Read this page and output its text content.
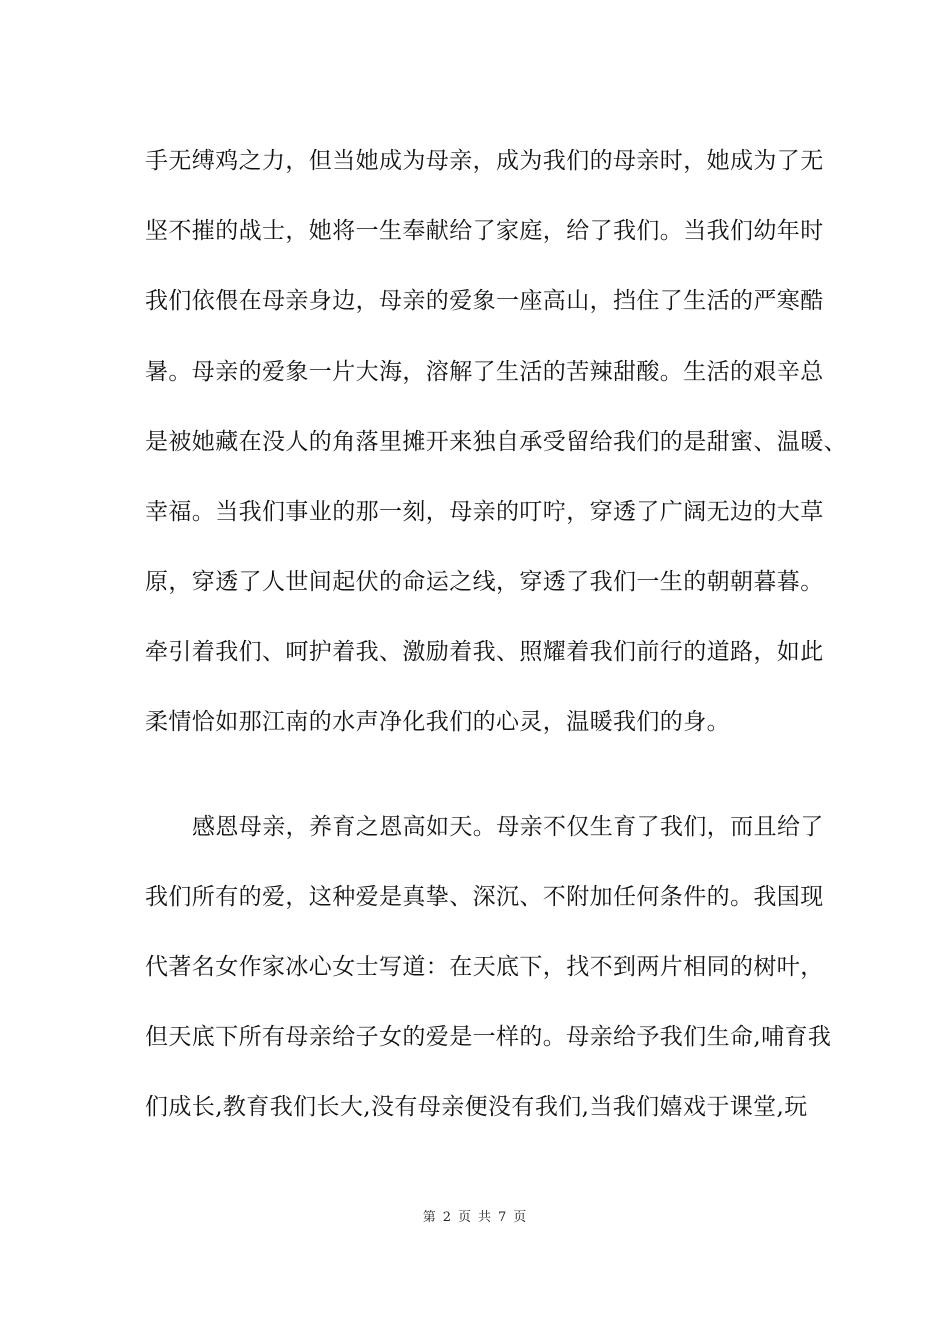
手无缚鸡之力，但当她成为母亲，成为我们的母亲时，她成为了无
坚不摧的战士，她将一生奉献给了家庭，给了我们。当我们幼年时
我们依偎在母亲身边，母亲的爱象一座高山，挡住了生活的严寒酷
暑。母亲的爱象一片大海，溶解了生活的苦辣甜酸。生活的艰辛总
是被她藏在没人的角落里摊开来独自承受留给我们的是甜蜜、温暖、
幸福。当我们事业的那一刻，母亲的叮咛，穿透了广阔无边的大草
原，穿透了人世间起伏的命运之线，穿透了我们一生的朝朝暮暮。
牵引着我们、呵护着我、激励着我、照耀着我们前行的道路，如此
柔情恰如那江南的水声净化我们的心灵，温暖我们的身。
感恩母亲，养育之恩高如天。母亲不仅生育了我们，而且给了
我们所有的爱，这种爱是真挚、深沉、不附加任何条件的。我国现
代著名女作家冰心女士写道：在天底下，找不到两片相同的树叶，
但天底下所有母亲给子女的爱是一样的。母亲给予我们生命,哺育我
们成长,教育我们长大,没有母亲便没有我们,当我们嬉戏于课堂,玩
第 2 页 共 7 页
